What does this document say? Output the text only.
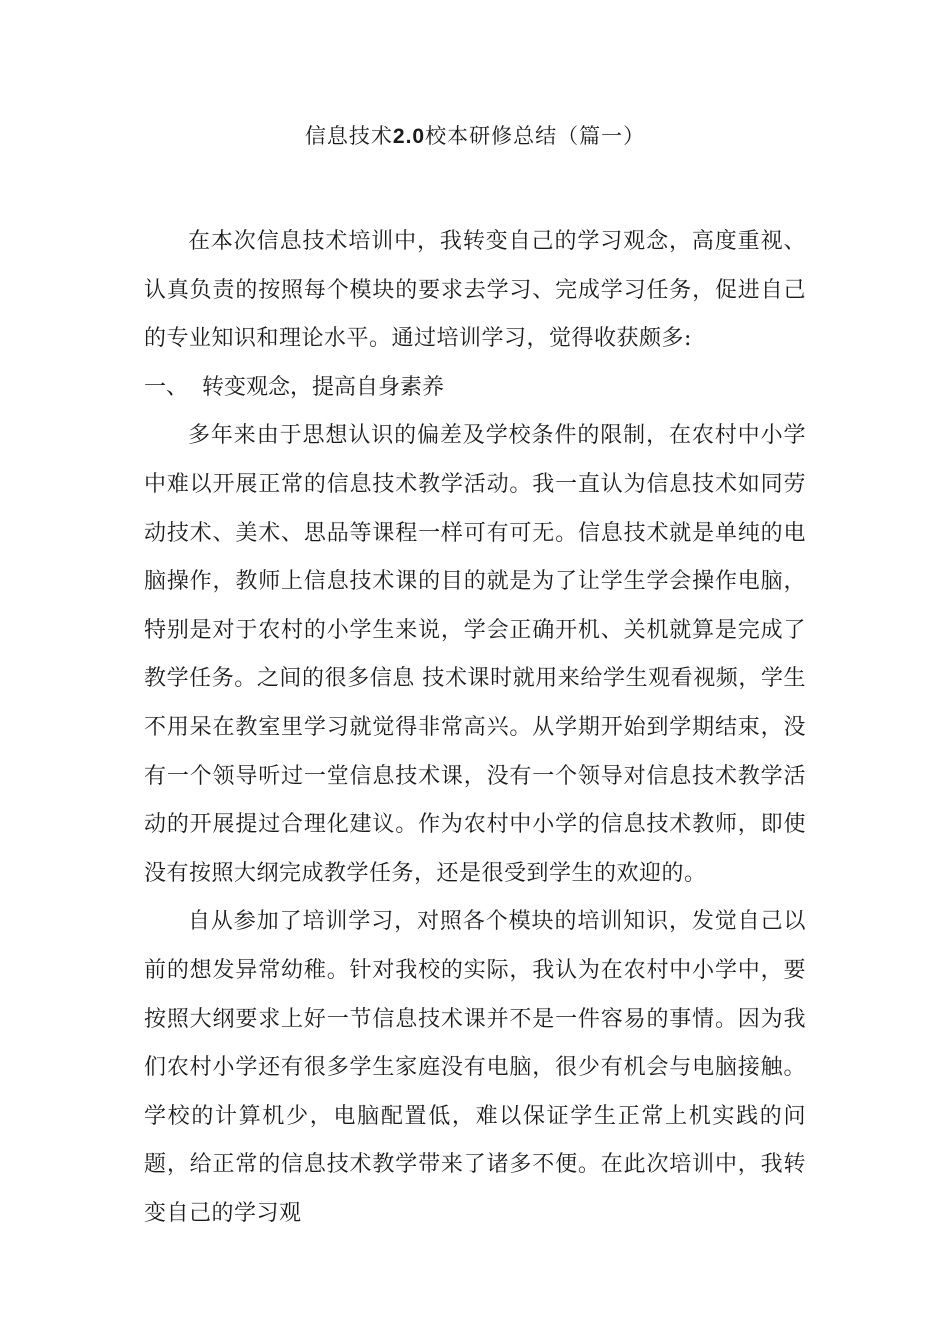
信息技术2.0校本研修总结（篇一）

在本次信息技术培训中，我转变自己的学习观念，高度重视、认真负责的按照每个模块的要求去学习、完成学习任务，促进自己的专业知识和理论水平。通过培训学习，觉得收获颇多:

一、 转变观念，提高自身素养

多年来由于思想认识的偏差及学校条件的限制，在农村中小学中难以开展正常的信息技术教学活动。我一直认为信息技术如同劳动技术、美术、思品等课程一样可有可无。信息技术就是单纯的电脑操作，教师上信息技术课的目的就是为了让学生学会操作电脑，特别是对于农村的小学生来说，学会正确开机、关机就算是完成了教学任务。之间的很多信息 技术课时就用来给学生观看视频，学生不用呆在教室里学习就觉得非常高兴。从学期开始到学期结束，没有一个领导听过一堂信息技术课，没有一个领导对信息技术教学活动的开展提过合理化建议。作为农村中小学的信息技术教师，即使没有按照大纲完成教学任务，还是很受到学生的欢迎的。

自从参加了培训学习，对照各个模块的培训知识，发觉自己以前的想发异常幼稚。针对我校的实际，我认为在农村中小学中，要按照大纲要求上好一节信息技术课并不是一件容易的事情。因为我们农村小学还有很多学生家庭没有电脑，很少有机会与电脑接触。学校的计算机少，电脑配置低，难以保证学生正常上机实践的问题，给正常的信息技术教学带来了诸多不便。在此次培训中，我转变自己的学习观
